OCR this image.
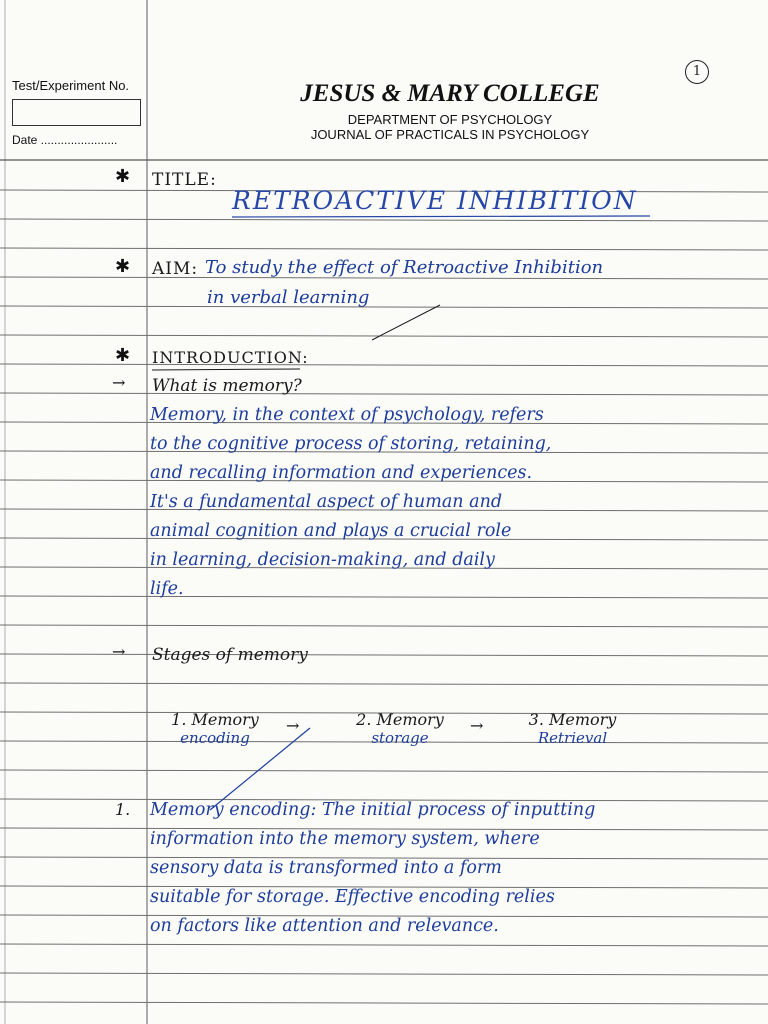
Test/Experiment No.
Date .......................
JESUS & MARY COLLEGE
DEPARTMENT OF PSYCHOLOGY
JOURNAL OF PRACTICALS IN PSYCHOLOGY
1
✱ TITLE:
RETROACTIVE INHIBITION
✱ AIM: To study the effect of Retroactive Inhibition
in verbal learning
✱ INTRODUCTION:
→ What is memory?
Memory, in the context of psychology, refers
to the cognitive process of storing, retaining,
and recalling information and experiences.
It's a fundamental aspect of human and
animal cognition and plays a crucial role
in learning, decision-making, and daily
life.
→ Stages of memory
1. Memory
encoding
→	2. Memory
storage
→	3. Memory
Retrieval
1. Memory encoding: The initial process of inputting
information into the memory system, where
sensory data is transformed into a form
suitable for storage. Effective encoding relies
on factors like attention and relevance.
